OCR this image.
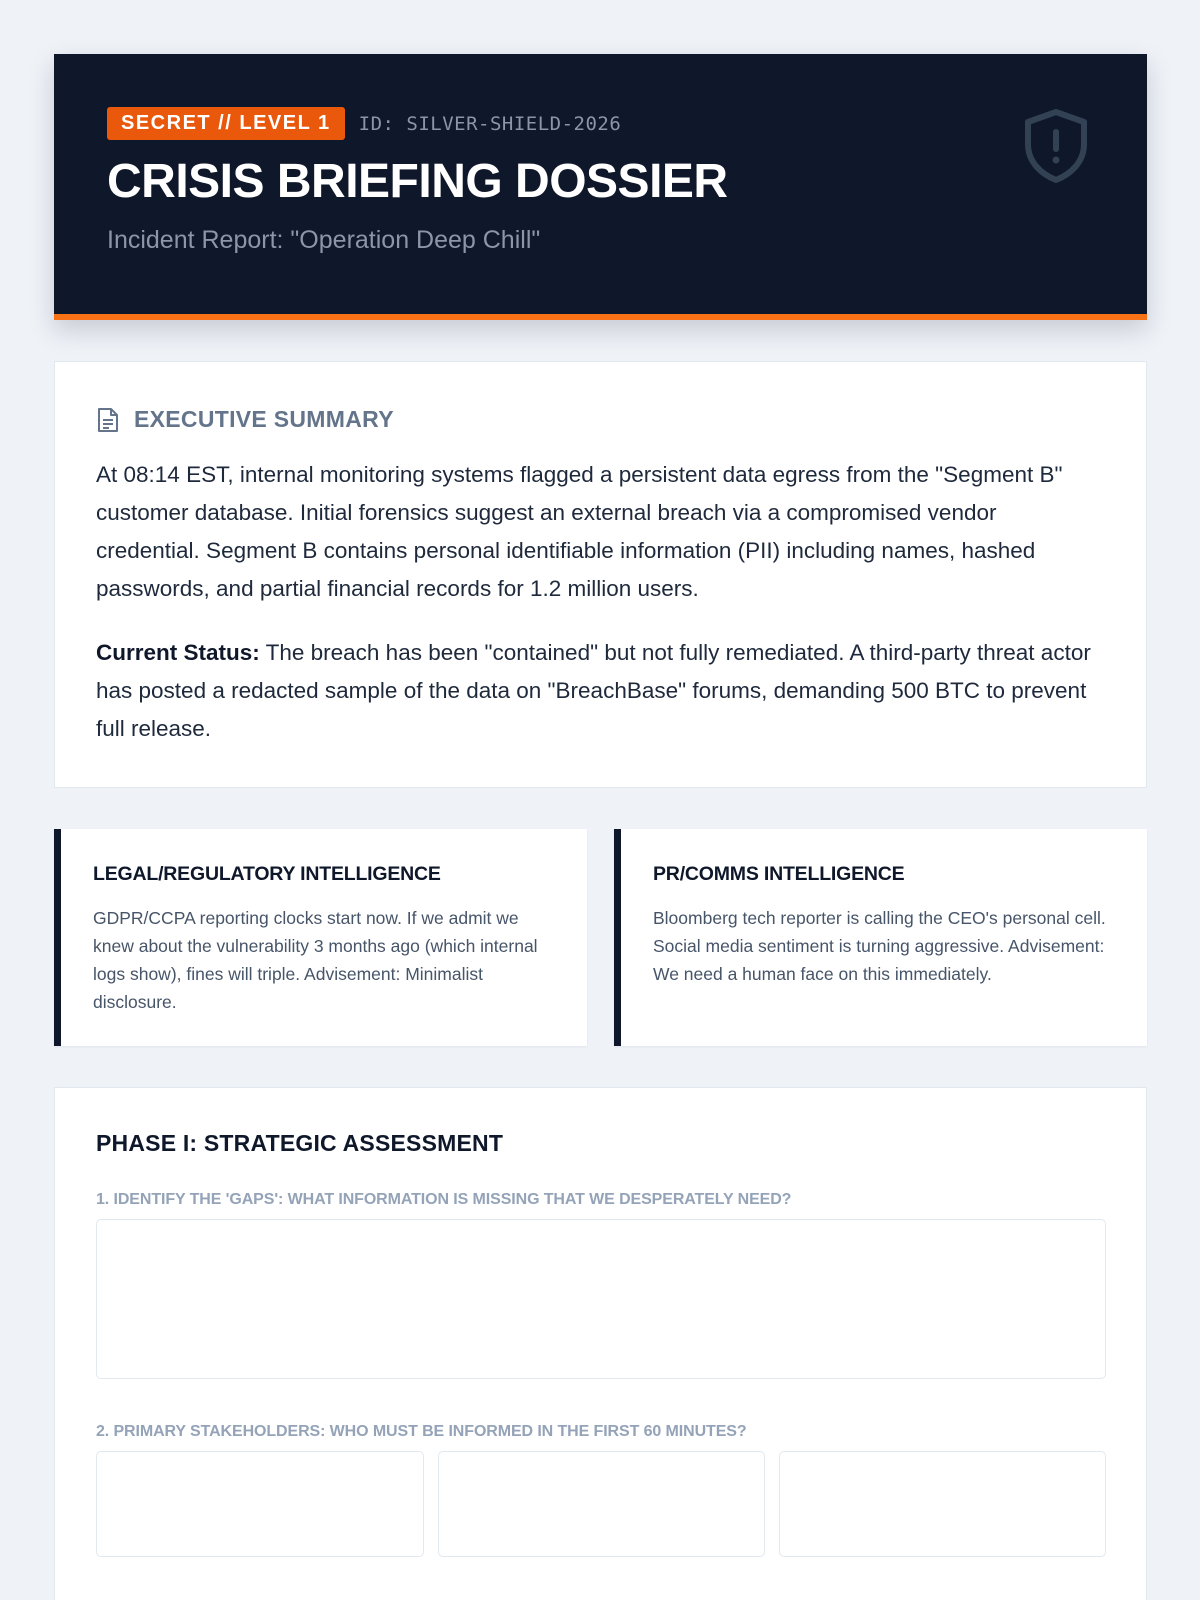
SECRET // LEVEL 1	ID: SILVER-SHIELD-2026
CRISIS BRIEFING DOSSIER
Incident Report: "Operation Deep Chill"
EXECUTIVE SUMMARY

At 08:14 EST, internal monitoring systems flagged a persistent data egress from the "Segment B" customer database. Initial forensics suggest an external breach via a compromised vendor credential. Segment B contains personal identifiable information (PII) including names, hashed passwords, and partial financial records for 1.2 million users.

Current Status: The breach has been "contained" but not fully remediated. A third-party threat actor has posted a redacted sample of the data on "BreachBase" forums, demanding 500 BTC to prevent full release.

LEGAL/REGULATORY INTELLIGENCE
GDPR/CCPA reporting clocks start now. If we admit we knew about the vulnerability 3 months ago (which internal logs show), fines will triple. Advisement: Minimalist disclosure.
PR/COMMS INTELLIGENCE
Bloomberg tech reporter is calling the CEO's personal cell. Social media sentiment is turning aggressive. Advisement: We need a human face on this immediately.
PHASE I: STRATEGIC ASSESSMENT
1. IDENTIFY THE 'GAPS': WHAT INFORMATION IS MISSING THAT WE DESPERATELY NEED?
2. PRIMARY STAKEHOLDERS: WHO MUST BE INFORMED IN THE FIRST 60 MINUTES?
